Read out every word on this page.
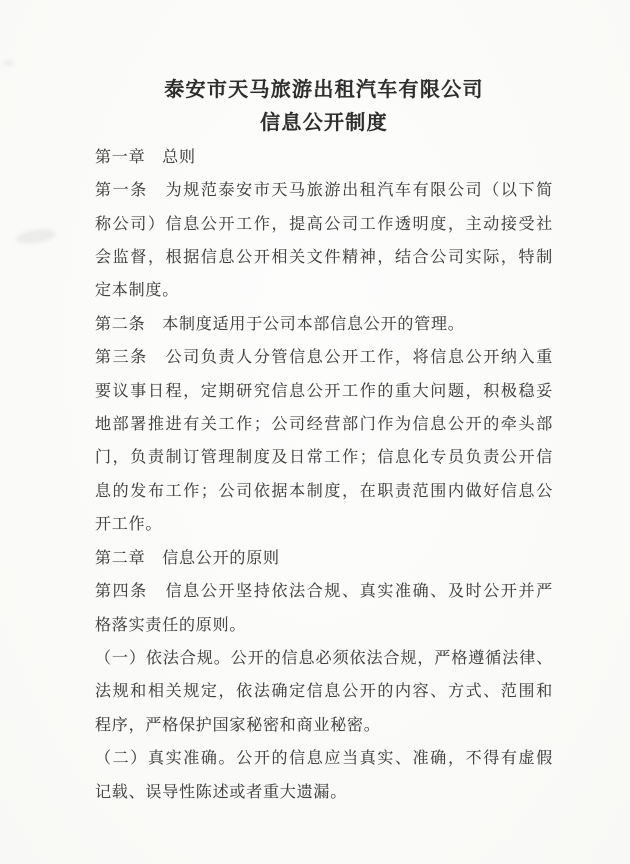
泰安市天马旅游出租汽车有限公司
信息公开制度
第一章　总则
第一条　为规范泰安市天马旅游出租汽车有限公司（以下简
称公司）信息公开工作，提高公司工作透明度，主动接受社
会监督，根据信息公开相关文件精神，结合公司实际，特制
定本制度。
第二条　本制度适用于公司本部信息公开的管理。
第三条　公司负责人分管信息公开工作，将信息公开纳入重
要议事日程，定期研究信息公开工作的重大问题，积极稳妥
地部署推进有关工作；公司经营部门作为信息公开的牵头部
门，负责制订管理制度及日常工作；信息化专员负责公开信
息的发布工作；公司依据本制度，在职责范围内做好信息公
开工作。
第二章　信息公开的原则
第四条　信息公开坚持依法合规、真实准确、及时公开并严
格落实责任的原则。
（一）依法合规。公开的信息必须依法合规，严格遵循法律、
法规和相关规定，依法确定信息公开的内容、方式、范围和
程序，严格保护国家秘密和商业秘密。
（二）真实准确。公开的信息应当真实、准确，不得有虚假
记载、误导性陈述或者重大遗漏。
